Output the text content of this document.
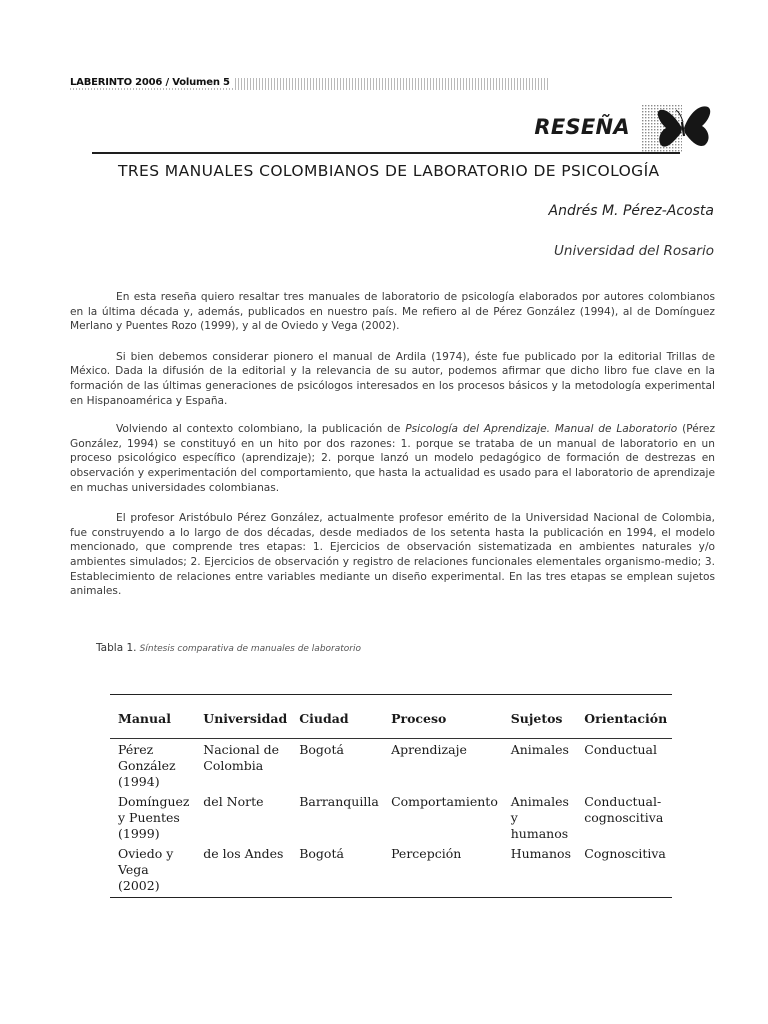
LABERINTO 2006 / Volumen 5
RESEÑA
TRES MANUALES COLOMBIANOS DE LABORATORIO DE PSICOLOGÍA
Andrés M. Pérez-Acosta
Universidad del Rosario

En esta reseña quiero resaltar tres manuales de laboratorio de psicología elaborados por autores colombianos en la última década y, además, publicados en nuestro país. Me refiero al de Pérez González (1994), al de Domínguez Merlano y Puentes Rozo (1999), y al de Oviedo y Vega (2002).

Si bien debemos considerar pionero el manual de Ardila (1974), éste fue publicado por la editorial Trillas de México. Dada la difusión de la editorial y la relevancia de su autor, podemos afirmar que dicho libro fue clave en la formación de las últimas generaciones de psicólogos interesados en los procesos básicos y la metodología experimental en Hispanoamérica y España.

Volviendo al contexto colombiano, la publicación de Psicología del Aprendizaje. Manual de Laboratorio (Pérez González, 1994) se constituyó en un hito por dos razones: 1. porque se trataba de un manual de laboratorio en un proceso psicológico específico (aprendizaje); 2. porque lanzó un modelo pedagógico de formación de destrezas en observación y experimentación del comportamiento, que hasta la actualidad es usado para el laboratorio de aprendizaje en muchas universidades colombianas.

El profesor Aristóbulo Pérez González, actualmente profesor emérito de la Universidad Nacional de Colombia, fue construyendo a lo largo de dos décadas, desde mediados de los setenta hasta la publicación en 1994, el modelo mencionado, que comprende tres etapas: 1. Ejercicios de observación sistematizada en ambientes naturales y/o ambientes simulados; 2. Ejercicios de observación y registro de relaciones funcionales elementales organismo-medio; 3. Establecimiento de relaciones entre variables mediante un diseño experimental. En las tres etapas se emplean sujetos animales.

Tabla 1. Síntesis comparativa de manuales de laboratorio
Manual	Universidad	Ciudad	Proceso	Sujetos	Orientación
Pérez González (1994)	Nacional de Colombia	Bogotá	Aprendizaje	Animales	Conductual
Domínguez y Puentes (1999)	del Norte	Barranquilla	Comportamiento	Animales y humanos	Conductual-cognoscitiva
Oviedo y Vega (2002)	de los Andes	Bogotá	Percepción	Humanos	Cognoscitiva
